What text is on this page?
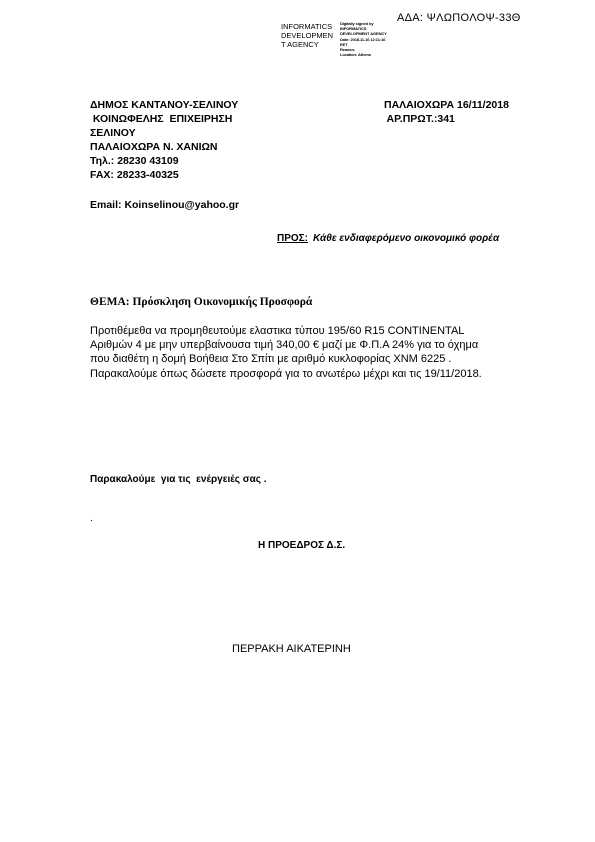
ΑΔΑ: ΨΛΩΠΟΛΟΨ-33Θ
INFORMATICS
DEVELOPMEN
T AGENCY
Digitally signed by
INFORMATICS
DEVELOPMENT AGENCY
Date: 2018.11.16 12:11:16
EET
Reason:
Location: Athens
ΔΗΜΟΣ ΚΑΝΤΑΝΟΥ-ΣΕΛΙΝΟΥ
ΚΟΙΝΩΦΕΛΗΣ  ΕΠΙΧΕΙΡΗΣΗ
ΣΕΛΙΝΟΥ
ΠΑΛΑΙΟΧΩΡΑ Ν. ΧΑΝΙΩΝ
Τηλ.: 28230 43109
FAX: 28233-40325
Email: Koinselinou@yahoo.gr
ΠΑΛΑΙΟΧΩΡΑ 16/11/2018
ΑΡ.ΠΡΩΤ.:341
ΠΡΟΣ: Κάθε ενδιαφερόμενο οικονομικό φορέα
ΘΕΜΑ: Πρόσκληση Οικονομικής Προσφορά
Προτιθέμεθα να προμηθευτούμε ελαστικα τύπου 195/60 R15 CONTINENTAL
Αριθμών 4 με μην υπερβαίνουσα τιμή 340,00 € μαζί με Φ.Π.Α 24% για το όχημα
που διαθέτη η δομή Βοήθεια Στο Σπίτι με αριθμό κυκλοφορίας ΧΝΜ 6225 .
Παρακαλούμε όπως δώσετε προσφορά για το ανωτέρω μέχρι και τις 19/11/2018.
Παρακαλούμε  για τις  ενέργειές σας .
.
Η ΠΡΟΕΔΡΟΣ Δ.Σ.
ΠΕΡΡΑΚΗ ΑΙΚΑΤΕΡΙΝΗ
